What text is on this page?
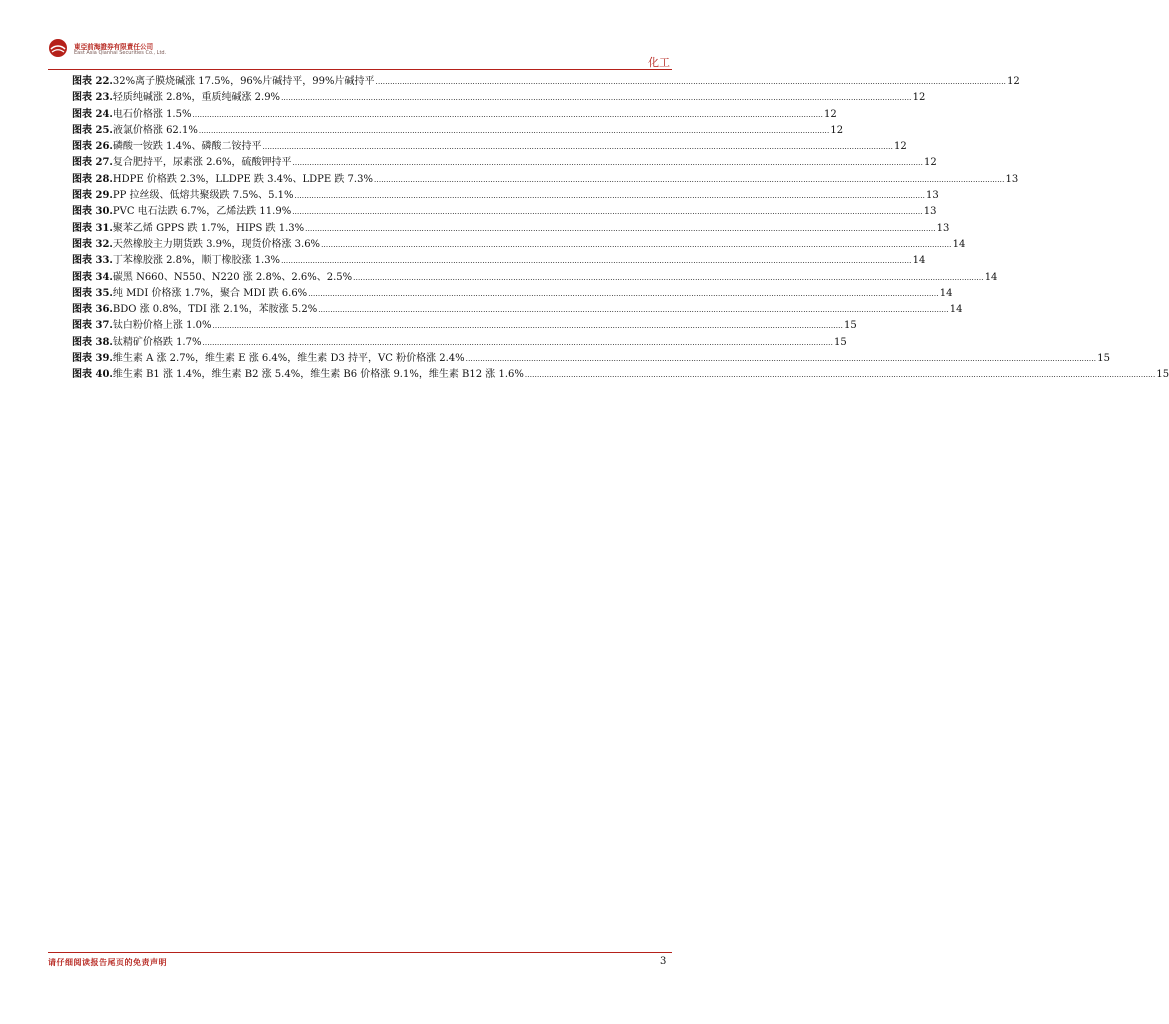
東亞前海證券有限責任公司
East Asia Qianhai Securities Co., Ltd.
化工
图表 22. 32%离子膜烧碱涨 17.5%，96%片碱持平，99%片碱持平 .................................................................................................................................................................................................................................................................... 12
图表 23. 轻质纯碱涨 2.8%，重质纯碱涨 2.9% .................................................................................................................................................................................................................................................................... 12
图表 24. 电石价格涨 1.5% .................................................................................................................................................................................................................................................................... 12
图表 25. 液氯价格涨 62.1% .................................................................................................................................................................................................................................................................... 12
图表 26. 磷酸一铵跌 1.4%、磷酸二铵持平 .................................................................................................................................................................................................................................................................... 12
图表 27. 复合肥持平，尿素涨 2.6%，硫酸钾持平 .................................................................................................................................................................................................................................................................... 12
图表 28. HDPE 价格跌 2.3%，LLDPE 跌 3.4%、LDPE 跌 7.3% .................................................................................................................................................................................................................................................................... 13
图表 29. PP 拉丝级、低熔共聚级跌 7.5%、5.1% .................................................................................................................................................................................................................................................................... 13
图表 30. PVC 电石法跌 6.7%，乙烯法跌 11.9% .................................................................................................................................................................................................................................................................... 13
图表 31. 聚苯乙烯 GPPS 跌 1.7%，HIPS 跌 1.3% .................................................................................................................................................................................................................................................................... 13
图表 32. 天然橡胶主力期货跌 3.9%，现货价格涨 3.6% .................................................................................................................................................................................................................................................................... 14
图表 33. 丁苯橡胶涨 2.8%，顺丁橡胶涨 1.3% .................................................................................................................................................................................................................................................................... 14
图表 34. 碳黑 N660、N550、N220 涨 2.8%、2.6%、2.5% .................................................................................................................................................................................................................................................................... 14
图表 35. 纯 MDI 价格涨 1.7%，聚合 MDI 跌 6.6% .................................................................................................................................................................................................................................................................... 14
图表 36. BDO 涨 0.8%，TDI 涨 2.1%，苯胺涨 5.2% .................................................................................................................................................................................................................................................................... 14
图表 37. 钛白粉价格上涨 1.0% .................................................................................................................................................................................................................................................................... 15
图表 38. 钛精矿价格跌 1.7% .................................................................................................................................................................................................................................................................... 15
图表 39. 维生素 A 涨 2.7%，维生素 E 涨 6.4%，维生素 D3 持平，VC 粉价格涨 2.4% .................................................................................................................................................................................................................................................................... 15
图表 40. 维生素 B1 涨 1.4%，维生素 B2 涨 5.4%，维生素 B6 价格涨 9.1%，维生素 B12 涨 1.6% .................................................................................................................................................................................................................................................................... 15
请仔细阅读报告尾页的免责声明	3
